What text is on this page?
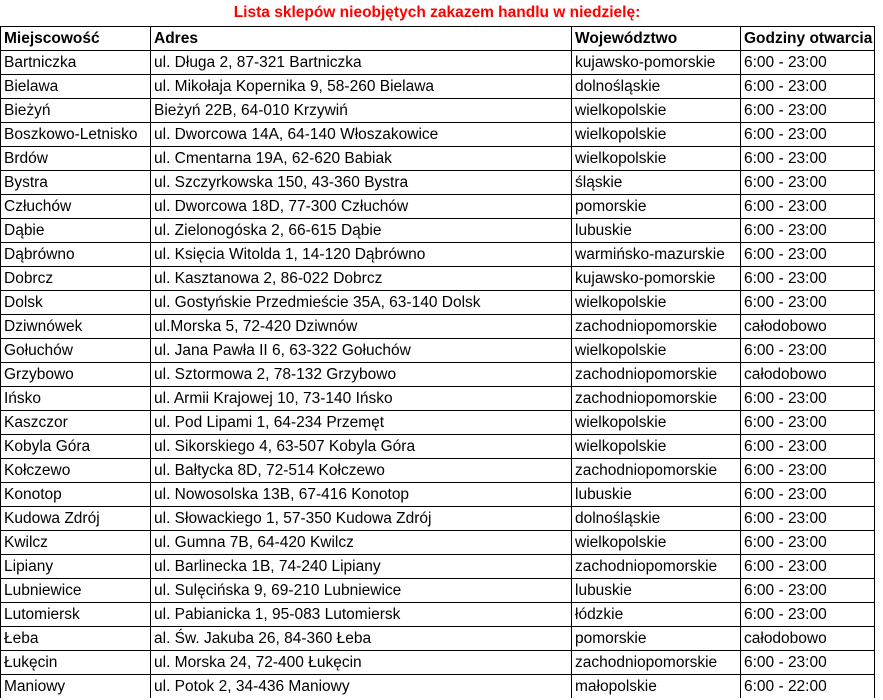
Lista sklepów nieobjętych zakazem handlu w niedzielę:
Miejscowość	Adres	Województwo	Godziny otwarcia
Bartniczka	ul. Długa 2, 87-321 Bartniczka	kujawsko-pomorskie	6:00 - 23:00
Bielawa	ul. Mikołaja Kopernika 9, 58-260 Bielawa	dolnośląskie	6:00 - 23:00
Bieżyń	Bieżyń 22B, 64-010 Krzywiń	wielkopolskie	6:00 - 23:00
Boszkowo-Letnisko	ul. Dworcowa 14A, 64-140 Włoszakowice	wielkopolskie	6:00 - 23:00
Brdów	ul. Cmentarna 19A, 62-620 Babiak	wielkopolskie	6:00 - 23:00
Bystra	ul. Szczyrkowska 150, 43-360 Bystra	śląskie	6:00 - 23:00
Człuchów	ul. Dworcowa 18D, 77-300 Człuchów	pomorskie	6:00 - 23:00
Dąbie	ul. Zielonogóska 2, 66-615 Dąbie	lubuskie	6:00 - 23:00
Dąbrówno	ul. Księcia Witolda 1, 14-120 Dąbrówno	warmińsko-mazurskie	6:00 - 23:00
Dobrcz	ul. Kasztanowa 2, 86-022 Dobrcz	kujawsko-pomorskie	6:00 - 23:00
Dolsk	ul. Gostyńskie Przedmieście 35A, 63-140 Dolsk	wielkopolskie	6:00 - 23:00
Dziwnówek	ul.Morska 5, 72-420 Dziwnów	zachodniopomorskie	całodobowo
Gołuchów	ul. Jana Pawła II 6, 63-322 Gołuchów	wielkopolskie	6:00 - 23:00
Grzybowo	ul. Sztormowa 2, 78-132 Grzybowo	zachodniopomorskie	całodobowo
Ińsko	ul. Armii Krajowej 10, 73-140 Ińsko	zachodniopomorskie	6:00 - 23:00
Kaszczor	ul. Pod Lipami 1, 64-234 Przemęt	wielkopolskie	6:00 - 23:00
Kobyla Góra	ul. Sikorskiego 4, 63-507 Kobyla Góra	wielkopolskie	6:00 - 23:00
Kołczewo	ul. Bałtycka 8D, 72-514 Kołczewo	zachodniopomorskie	6:00 - 23:00
Konotop	ul. Nowosolska 13B, 67-416 Konotop	lubuskie	6:00 - 23:00
Kudowa Zdrój	ul. Słowackiego 1, 57-350 Kudowa Zdrój	dolnośląskie	6:00 - 23:00
Kwilcz	ul. Gumna 7B, 64-420 Kwilcz	wielkopolskie	6:00 - 23:00
Lipiany	ul. Barlinecka 1B, 74-240 Lipiany	zachodniopomorskie	6:00 - 23:00
Lubniewice	ul. Sulęcińska 9, 69-210 Lubniewice	lubuskie	6:00 - 23:00
Lutomiersk	ul. Pabianicka 1, 95-083 Lutomiersk	łódzkie	6:00 - 23:00
Łeba	al. Św. Jakuba 26, 84-360 Łeba	pomorskie	całodobowo
Łukęcin	ul. Morska 24, 72-400 Łukęcin	zachodniopomorskie	6:00 - 23:00
Maniowy	ul. Potok 2, 34-436 Maniowy	małopolskie	6:00 - 22:00
